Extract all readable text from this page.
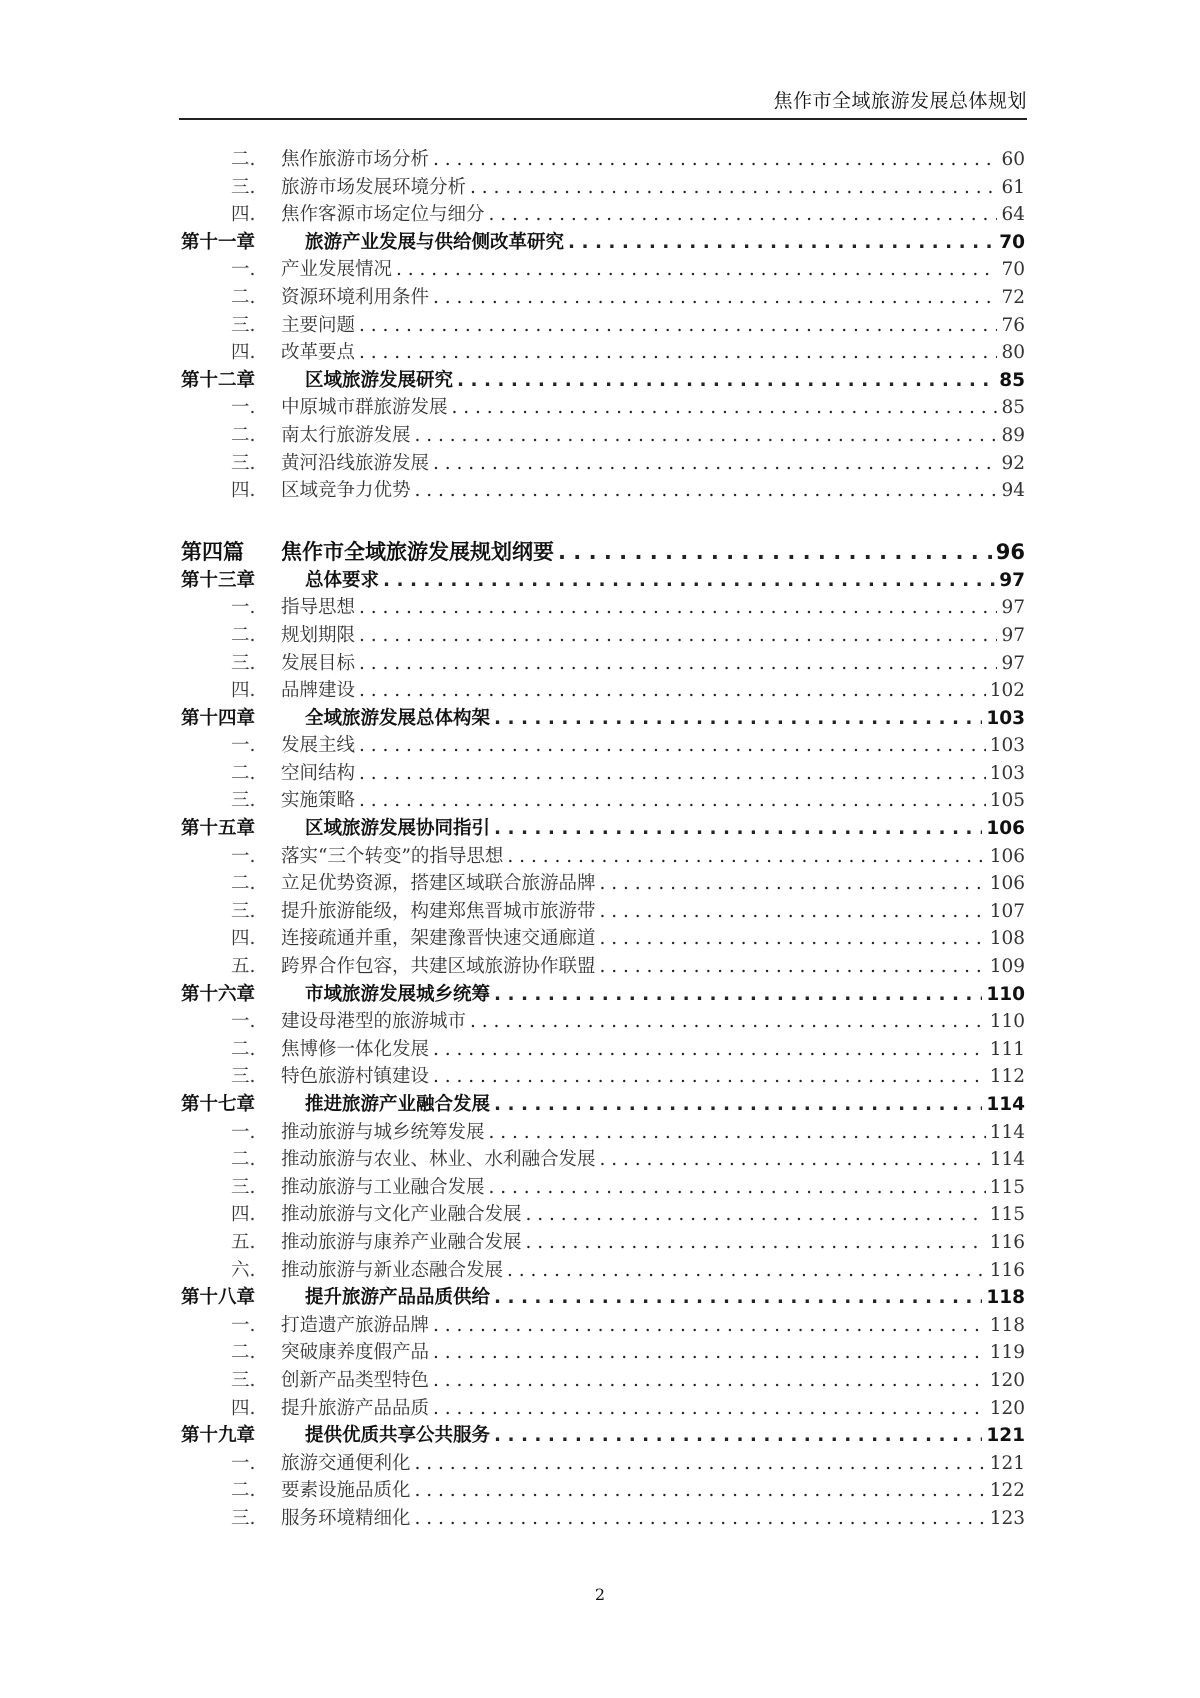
焦作市全域旅游发展总体规划
二.	焦作旅游市场分析 . . .	60
三.	旅游市场发展环境分析 . . .	61
四.	焦作客源市场定位与细分 . . .	64
第十一章	旅游产业发展与供给侧改革研究 . . .	70
一.	产业发展情况 . . .	70
二.	资源环境利用条件 . . .	72
三.	主要问题 . . .	76
四.	改革要点 . . .	80
第十二章	区域旅游发展研究 . . .	85
一.	中原城市群旅游发展 . . .	85
二.	南太行旅游发展 . . .	89
三.	黄河沿线旅游发展 . . .	92
四.	区域竞争力优势 . . .	94
第四篇	焦作市全域旅游发展规划纲要 . . .	96
第十三章	总体要求 . . .	97
一.	指导思想 . . .	97
二.	规划期限 . . .	97
三.	发展目标 . . .	97
四.	品牌建设 . . .	102
第十四章	全域旅游发展总体构架 . . .	103
一.	发展主线 . . .	103
二.	空间结构 . . .	103
三.	实施策略 . . .	105
第十五章	区域旅游发展协同指引 . . .	106
一.	落实“三个转变”的指导思想 . . .	106
二.	立足优势资源，搭建区域联合旅游品牌 . . .	106
三.	提升旅游能级，构建郑焦晋城市旅游带 . . .	107
四.	连接疏通并重，架建豫晋快速交通廊道 . . .	108
五.	跨界合作包容，共建区域旅游协作联盟 . . .	109
第十六章	市域旅游发展城乡统筹 . . .	110
一.	建设母港型的旅游城市 . . .	110
二.	焦博修一体化发展 . . .	111
三.	特色旅游村镇建设 . . .	112
第十七章	推进旅游产业融合发展 . . .	114
一.	推动旅游与城乡统筹发展 . . .	114
二.	推动旅游与农业、林业、水利融合发展 . . .	114
三.	推动旅游与工业融合发展 . . .	115
四.	推动旅游与文化产业融合发展 . . .	115
五.	推动旅游与康养产业融合发展 . . .	116
六.	推动旅游与新业态融合发展 . . .	116
第十八章	提升旅游产品品质供给 . . .	118
一.	打造遗产旅游品牌 . . .	118
二.	突破康养度假产品 . . .	119
三.	创新产品类型特色 . . .	120
四.	提升旅游产品品质 . . .	120
第十九章	提供优质共享公共服务 . . .	121
一.	旅游交通便利化 . . .	121
二.	要素设施品质化 . . .	122
三.	服务环境精细化 . . .	123
2
